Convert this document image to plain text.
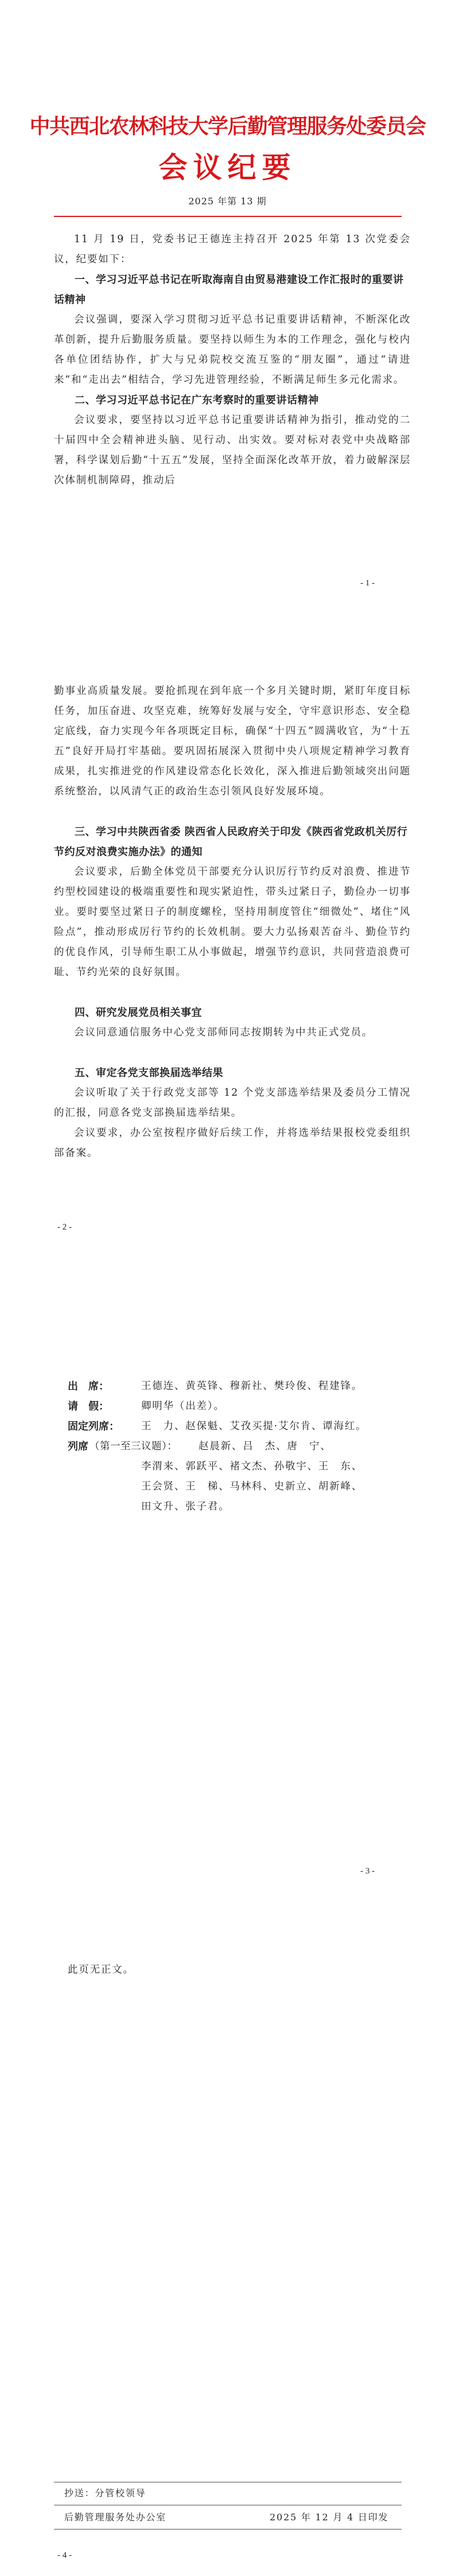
中共西北农林科技大学后勤管理服务处委员会
会议纪要
2025 年第 13 期

11 月 19 日，党委书记王德连主持召开 2025 年第 13 次党委会议，纪要如下：

一、学习习近平总书记在听取海南自由贸易港建设工作汇报时的重要讲话精神

会议强调，要深入学习贯彻习近平总书记重要讲话精神，不断深化改革创新，提升后勤服务质量。要坚持以师生为本的工作理念，强化与校内各单位团结协作，扩大与兄弟院校交流互鉴的“朋友圈”，通过“请进来”和“走出去”相结合，学习先进管理经验，不断满足师生多元化需求。

二、学习习近平总书记在广东考察时的重要讲话精神

会议要求，要坚持以习近平总书记重要讲话精神为指引，推动党的二十届四中全会精神进头脑、见行动、出实效。要对标对表党中央战略部署，科学谋划后勤“十五五”发展，坚持全面深化改革开放，着力破解深层次体制机制障碍，推动后

- 1 -

勤事业高质量发展。要抢抓现在到年底一个多月关键时期，紧盯年度目标任务，加压奋进、攻坚克难，统筹好发展与安全，守牢意识形态、安全稳定底线，奋力实现今年各项既定目标，确保“十四五”圆满收官，为“十五五”良好开局打牢基础。要巩固拓展深入贯彻中央八项规定精神学习教育成果，扎实推进党的作风建设常态化长效化，深入推进后勤领域突出问题系统整治，以风清气正的政治生态引领风良好发展环境。

三、学习中共陕西省委 陕西省人民政府关于印发《陕西省党政机关厉行节约反对浪费实施办法》的通知

会议要求，后勤全体党员干部要充分认识厉行节约反对浪费、推进节约型校园建设的极端重要性和现实紧迫性，带头过紧日子，勤俭办一切事业。要时要坚过紧日子的制度螺栓，坚持用制度管住“细微处”、堵住“风险点”，推动形成厉行节约的长效机制。要大力弘扬艰苦奋斗、勤俭节约的优良作风，引导师生职工从小事做起，增强节约意识，共同营造浪费可耻、节约光荣的良好氛围。

四、研究发展党员相关事宜

会议同意通信服务中心党支部师同志按期转为中共正式党员。

五、审定各党支部换届选举结果

会议听取了关于行政党支部等 12 个党支部选举结果及委员分工情况的汇报，同意各党支部换届选举结果。

会议要求，办公室按程序做好后续工作，并将选举结果报校党委组织部备案。

- 2 -
出　席：	王德连、黄英锋、穆新社、樊玲俊、程建锋。
请　假：	卿明华（出差）。
固定列席： 王　力、赵保魁、艾孜买提·艾尔肯、谭海红。
列席 （第一至三议题）： 赵晨新、吕　杰、唐　宁、
李渭来、郭跃平、褚文杰、孙敬宇、王　东、
王会贤、王　梯、马林科、史新立、胡新峰、
田文升、张子君。
- 3 -
此页无正文。
抄送：分管校领导
后勤管理服务处办公室	2025 年 12 月 4 日印发
- 4 -
